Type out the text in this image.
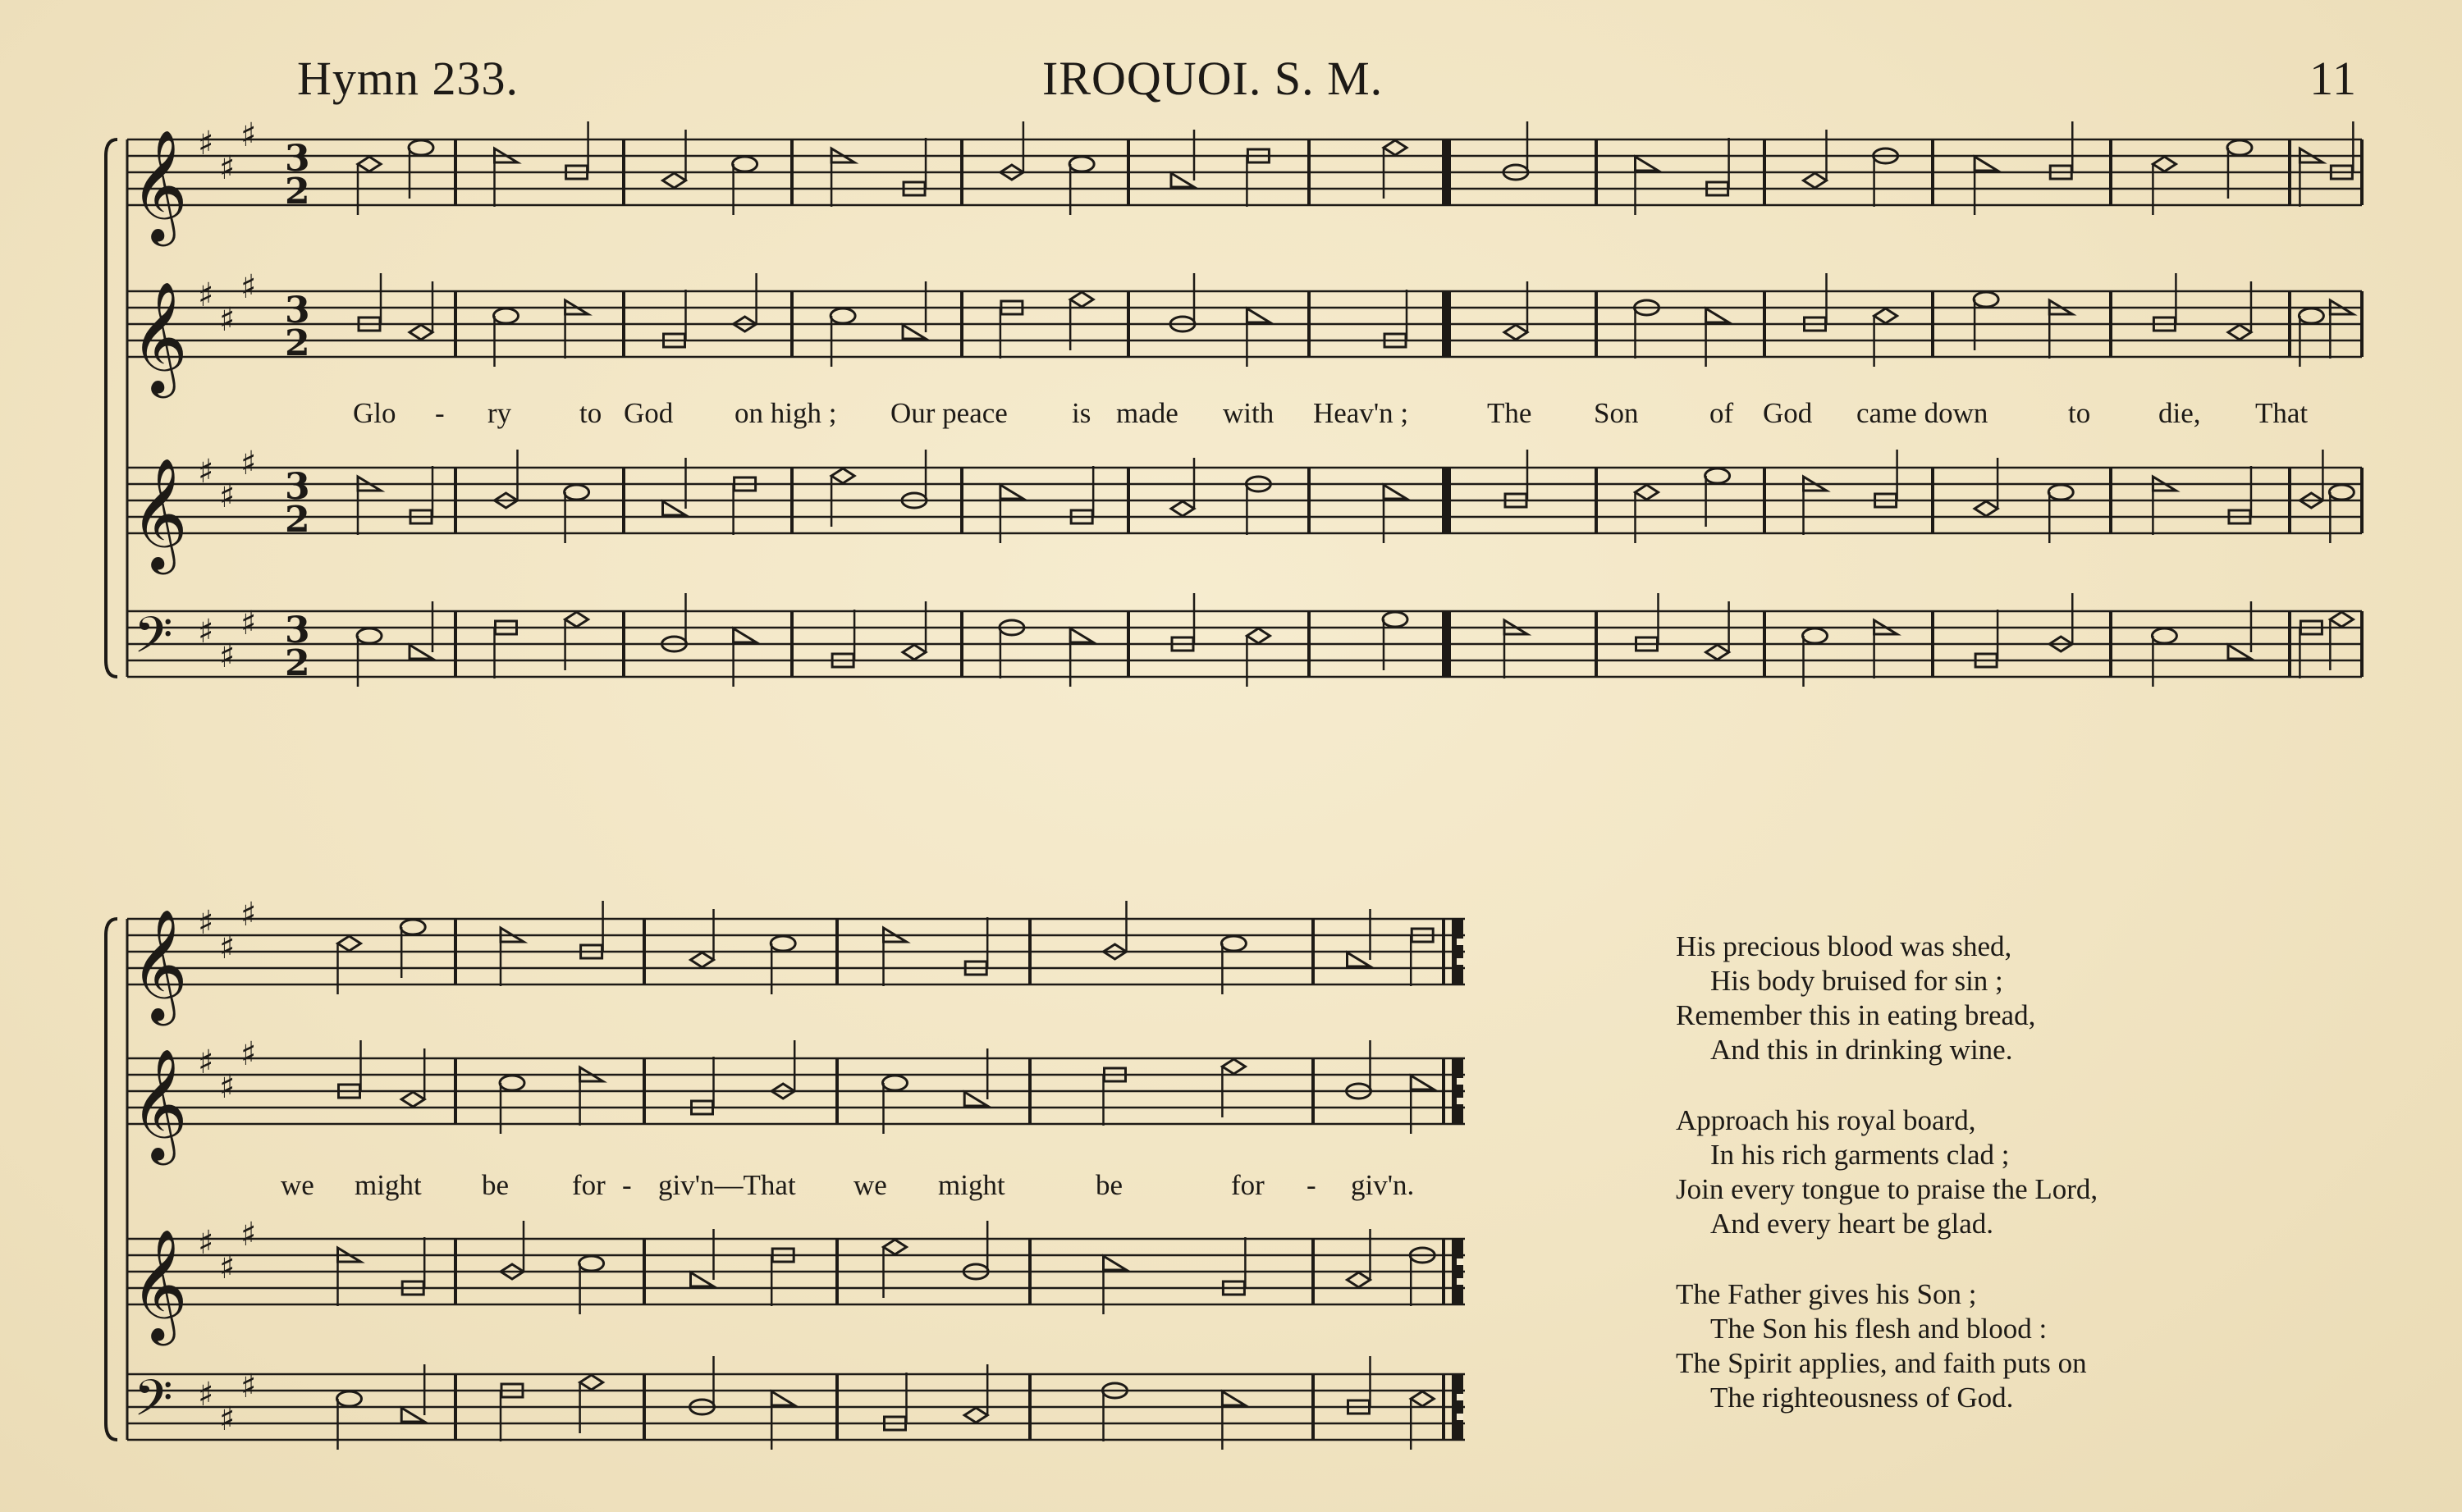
Hymn 233.	IROQUOI. S. M.	11
𝄞 ♯
♯
♯
3
2
𝄞 ♯
♯
♯
3
2
𝄞 ♯
♯
♯
3
2
𝄢 ♯
♯
♯ 3
2
𝄞 ♯
♯
♯
𝄞 ♯
♯
♯
𝄞 ♯
♯
♯
𝄢 ♯
♯
♯
Glo - ry to God on high ; Our peace is made with Heav'n ;	The Son of God came down	to die, That
we might be for - giv'n—That we might	be	for - giv'n.
His precious blood was shed,
His body bruised for sin ;
Remember this in eating bread,
And this in drinking wine.
Approach his royal board,
In his rich garments clad ;
Join every tongue to praise the Lord,
And every heart be glad.
The Father gives his Son ;
The Son his flesh and blood :
The Spirit applies, and faith puts on
The righteousness of God.
